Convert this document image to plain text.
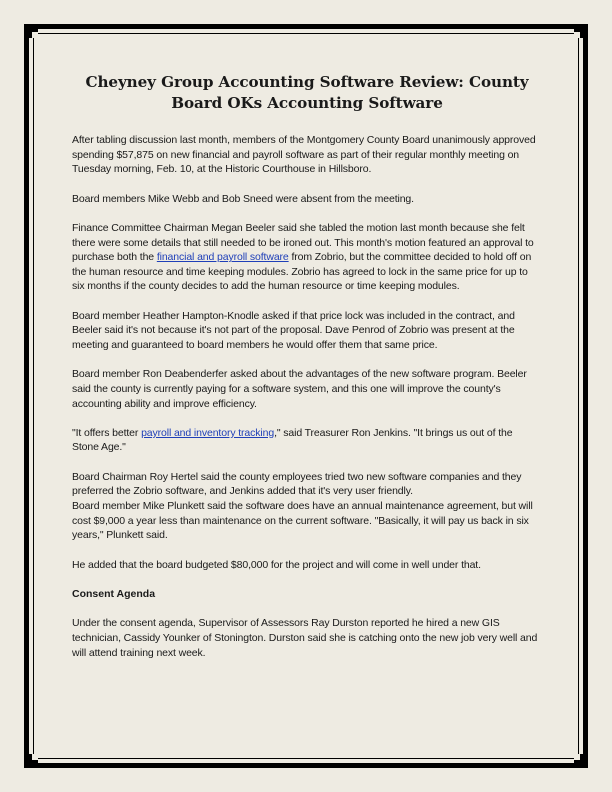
Cheyney Group Accounting Software Review: County Board OKs Accounting Software

After tabling discussion last month, members of the Montgomery County Board unanimously approved spending $57,875 on new financial and payroll software as part of their regular monthly meeting on Tuesday morning, Feb. 10, at the Historic Courthouse in Hillsboro.

Board members Mike Webb and Bob Sneed were absent from the meeting.

Finance Committee Chairman Megan Beeler said she tabled the motion last month because she felt there were some details that still needed to be ironed out. This month's motion featured an approval to purchase both the financial and payroll software from Zobrio, but the committee decided to hold off on the human resource and time keeping modules. Zobrio has agreed to lock in the same price for up to six months if the county decides to add the human resource or time keeping modules.

Board member Heather Hampton-Knodle asked if that price lock was included in the contract, and Beeler said it's not because it's not part of the proposal. Dave Penrod of Zobrio was present at the meeting and guaranteed to board members he would offer them that same price.

Board member Ron Deabenderfer asked about the advantages of the new software program. Beeler said the county is currently paying for a software system, and this one will improve the county's accounting ability and improve efficiency.

"It offers better payroll and inventory tracking," said Treasurer Ron Jenkins. "It brings us out of the Stone Age."

Board Chairman Roy Hertel said the county employees tried two new software companies and they preferred the Zobrio software, and Jenkins added that it's very user friendly.

Board member Mike Plunkett said the software does have an annual maintenance agreement, but will cost $9,000 a year less than maintenance on the current software. "Basically, it will pay us back in six years," Plunkett said.

He added that the board budgeted $80,000 for the project and will come in well under that.

Consent Agenda

Under the consent agenda, Supervisor of Assessors Ray Durston reported he hired a new GIS technician, Cassidy Younker of Stonington. Durston said she is catching onto the new job very well and will attend training next week.
